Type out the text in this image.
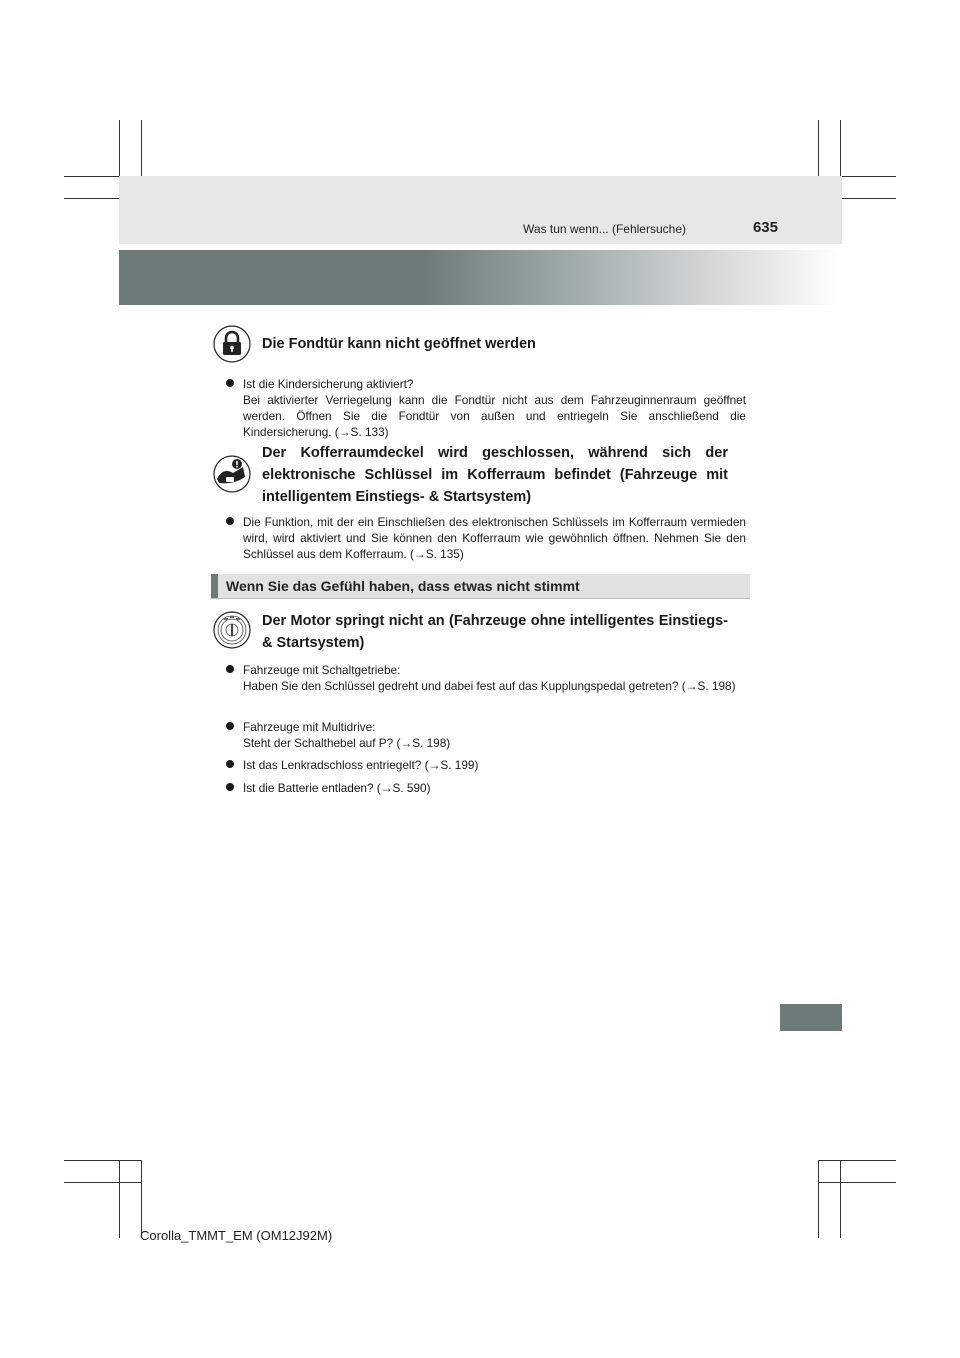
Was tun wenn... (Fehlersuche)	635
Die Fondtür kann nicht geöffnet werden
Ist die Kindersicherung aktiviert?
Bei aktivierter Verriegelung kann die Fondtür nicht aus dem Fahrzeuginnenraum geöffnet werden. Öffnen Sie die Fondtür von außen und entriegeln Sie anschließend die Kindersicherung. (→S. 133)
Der Kofferraumdeckel wird geschlossen, während sich der elektronische Schlüssel im Kofferraum befindet (Fahrzeuge mit intelligentem Einstiegs- & Startsystem)
Die Funktion, mit der ein Einschließen des elektronischen Schlüssels im Kofferraum vermieden wird, wird aktiviert und Sie können den Kofferraum wie gewöhnlich öffnen. Nehmen Sie den Schlüssel aus dem Kofferraum. (→S. 135)
Wenn Sie das Gefühl haben, dass etwas nicht stimmt
Der Motor springt nicht an (Fahrzeuge ohne intelligentes Einstiegs- & Startsystem)
Fahrzeuge mit Schaltgetriebe:
Haben Sie den Schlüssel gedreht und dabei fest auf das Kupplungspedal getreten? (→S. 198)
Fahrzeuge mit Multidrive:
Steht der Schalthebel auf P? (→S. 198)
Ist das Lenkradschloss entriegelt? (→S. 199)
Ist die Batterie entladen? (→S. 590)
Corolla_TMMT_EM (OM12J92M)
